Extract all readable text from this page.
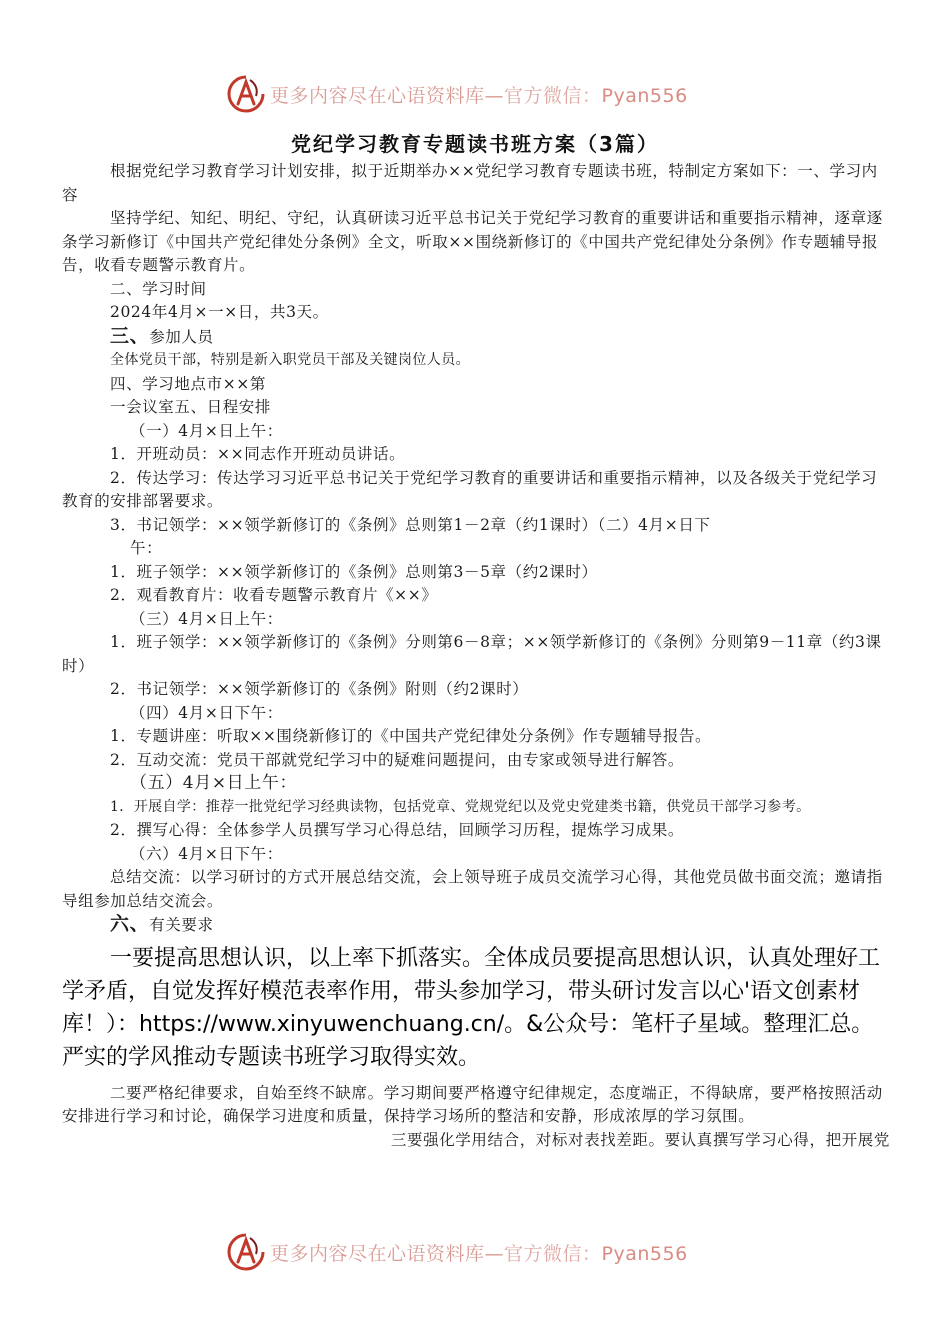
更多内容尽在心语资料库—官方微信：Pyan556
党纪学习教育专题读书班方案（3篇）

根据党纪学习教育学习计划安排，拟于近期举办××党纪学习教育专题读书班，特制定方案如下：一、学习内容

坚持学纪、知纪、明纪、守纪，认真研读习近平总书记关于党纪学习教育的重要讲话和重要指示精神，逐章逐条学习新修订《中国共产党纪律处分条例》全文，听取××围绕新修订的《中国共产党纪律处分条例》作专题辅导报告，收看专题警示教育片。

二、学习时间

2024年4月×一×日，共3天。

三、参加人员

全体党员干部，特别是新入职党员干部及关键岗位人员。

四、学习地点市××第

一会议室五、日程安排

（一）4月×日上午：

1．开班动员：××同志作开班动员讲话。

2．传达学习：传达学习习近平总书记关于党纪学习教育的重要讲话和重要指示精神，以及各级关于党纪学习教育的安排部署要求。

3．书记领学：××领学新修订的《条例》总则第1－2章（约1课时）（二）4月×日下

午：

1．班子领学：××领学新修订的《条例》总则第3－5章（约2课时）

2．观看教育片：收看专题警示教育片《××》

（三）4月×日上午：

1．班子领学：××领学新修订的《条例》分则第6－8章；××领学新修订的《条例》分则第9－11章（约3课时）

2．书记领学：××领学新修订的《条例》附则（约2课时）

（四）4月×日下午：

1．专题讲座：听取××围绕新修订的《中国共产党纪律处分条例》作专题辅导报告。

2．互动交流：党员干部就党纪学习中的疑难问题提问，由专家或领导进行解答。

（五）4月×日上午：

1．开展自学：推荐一批党纪学习经典读物，包括党章、党规党纪以及党史党建类书籍，供党员干部学习参考。

2．撰写心得：全体参学人员撰写学习心得总结，回顾学习历程，提炼学习成果。

（六）4月×日下午：

总结交流：以学习研讨的方式开展总结交流，会上领导班子成员交流学习心得，其他党员做书面交流；邀请指导组参加总结交流会。

六、有关要求

一要提高思想认识，以上率下抓落实。全体成员要提高思想认识，认真处理好工学矛盾，自觉发挥好模范表率作用，带头参加学习，带头研讨发言以心'语文创素材库！）：https://www.xinyuwenchuang.cn/。&公众号：笔杆子星域。整理汇总。严实的学风推动专题读书班学习取得实效。

二要严格纪律要求，自始至终不缺席。学习期间要严格遵守纪律规定，态度端正，不得缺席，要严格按照活动安排进行学习和讨论，确保学习进度和质量，保持学习场所的整洁和安静，形成浓厚的学习氛围。

三要强化学用结合，对标对表找差距。要认真撰写学习心得，把开展党

更多内容尽在心语资料库—官方微信：Pyan556
